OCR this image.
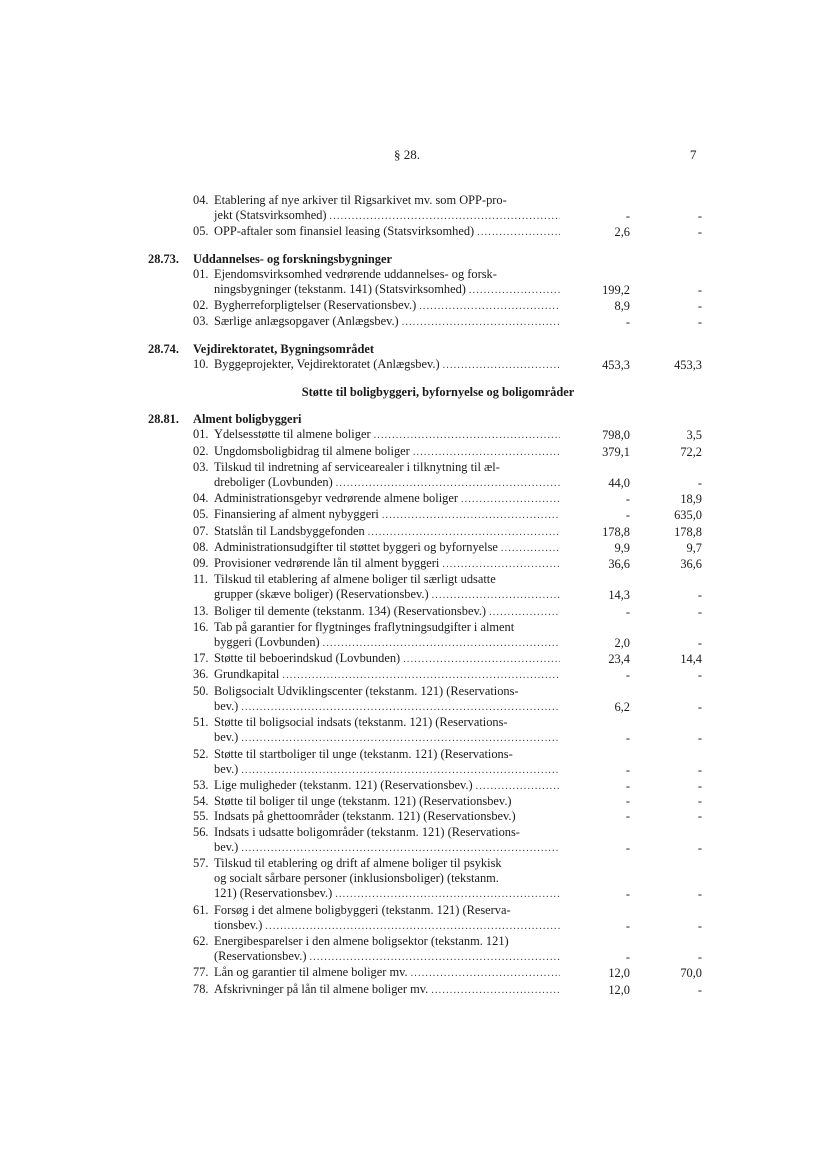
§ 28.	7
04. Etablering af nye arkiver til Rigsarkivet mv. som OPP-pro-
jekt (Statsvirksomhed) .....	-	-
05. OPP-aftaler som finansiel leasing (Statsvirksomhed) .....	2,6	-
28.73. Uddannelses- og forskningsbygninger
01. Ejendomsvirksomhed vedrørende uddannelses- og forsk-
ningsbygninger (tekstanm. 141) (Statsvirksomhed) .....	199,2	-
02. Bygherreforpligtelser (Reservationsbev.) .....	8,9	-
03. Særlige anlægsopgaver (Anlægsbev.) .....	-	-
28.74. Vejdirektoratet, Bygningsområdet
10. Byggeprojekter, Vejdirektoratet (Anlægsbev.) .....	453,3	453,3
Støtte til boligbyggeri, byfornyelse og boligområder
28.81. Alment boligbyggeri
01. Ydelsesstøtte til almene boliger .....	798,0	3,5
02. Ungdomsboligbidrag til almene boliger .....	379,1	72,2
03. Tilskud til indretning af servicearealer i tilknytning til æl-
dreboliger (Lovbunden) .....	44,0	-
04. Administrationsgebyr vedrørende almene boliger .....	-	18,9
05. Finansiering af alment nybyggeri .....	-	635,0
07. Statslån til Landsbyggefonden .....	178,8	178,8
08. Administrationsudgifter til støttet byggeri og byfornyelse .....	9,9	9,7
09. Provisioner vedrørende lån til alment byggeri .....	36,6	36,6
11. Tilskud til etablering af almene boliger til særligt udsatte
grupper (skæve boliger) (Reservationsbev.) .....	14,3	-
13. Boliger til demente (tekstanm. 134) (Reservationsbev.) .....	-	-
16. Tab på garantier for flygtninges fraflytningsudgifter i alment
byggeri (Lovbunden) .....	2,0	-
17. Støtte til beboerindskud (Lovbunden) .....	23,4	14,4
36. Grundkapital .....	-	-
50. Boligsocialt Udviklingscenter (tekstanm. 121) (Reservations-
bev.) .....	6,2	-
51. Støtte til boligsocial indsats (tekstanm. 121) (Reservations-
bev.) .....	-	-
52. Støtte til startboliger til unge (tekstanm. 121) (Reservations-
bev.) .....	-	-
53. Lige muligheder (tekstanm. 121) (Reservationsbev.) .....	-	-
54. Støtte til boliger til unge (tekstanm. 121) (Reservationsbev.)	-	-
55. Indsats på ghettoområder (tekstanm. 121) (Reservationsbev.)	-	-
56. Indsats i udsatte boligområder (tekstanm. 121) (Reservations-
bev.) .....	-	-
57. Tilskud til etablering og drift af almene boliger til psykisk
og socialt sårbare personer (inklusionsboliger) (tekstanm.
121) (Reservationsbev.) .....	-	-
61. Forsøg i det almene boligbyggeri (tekstanm. 121) (Reserva-
tionsbev.) .....	-	-
62. Energibesparelser i den almene boligsektor (tekstanm. 121)
(Reservationsbev.) .....	-	-
77. Lån og garantier til almene boliger mv. .....	12,0	70,0
78. Afskrivninger på lån til almene boliger mv. .....	12,0	-
